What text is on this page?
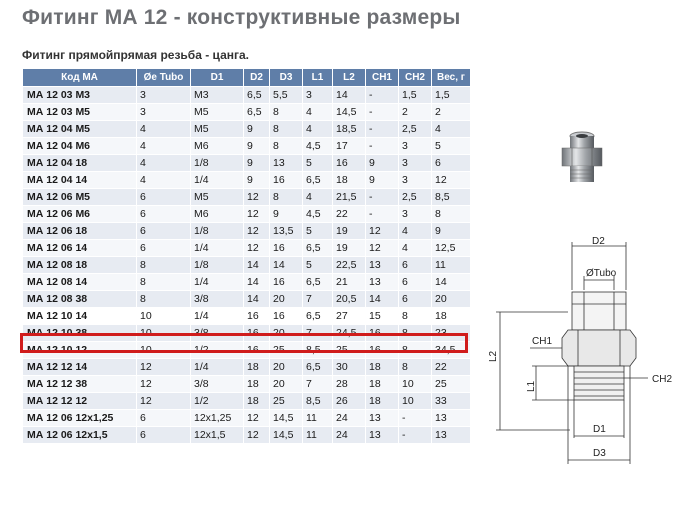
Фитинг МА 12 - конструктивные размеры
Фитинг прямойпрямая резьба - цанга.
Код МА	Øe Tubo	D1	D2	D3	L1	L2	CH1	CH2	Вес, г
МА 12 03 М3	3	M3	6,5	5,5	3	14	-	1,5	1,5
МА 12 03 М5	3	M5	6,5	8	4	14,5	-	2	2
МА 12 04 М5	4	M5	9	8	4	18,5	-	2,5	4
МА 12 04 М6	4	M6	9	8	4,5	17	-	3	5
МА 12 04 18	4	1/8	9	13	5	16	9	3	6
МА 12 04 14	4	1/4	9	16	6,5	18	9	3	12
МА 12 06 М5	6	M5	12	8	4	21,5	-	2,5	8,5
МА 12 06 М6	6	M6	12	9	4,5	22	-	3	8
МА 12 06 18	6	1/8	12	13,5	5	19	12	4	9
МА 12 06 14	6	1/4	12	16	6,5	19	12	4	12,5
МА 12 08 18	8	1/8	14	14	5	22,5	13	6	11
МА 12 08 14	8	1/4	14	16	6,5	21	13	6	14
МА 12 08 38	8	3/8	14	20	7	20,5	14	6	20
МА 12 10 14	10	1/4	16	16	6,5	27	15	8	18
МА 12 10 38	10	3/8	16	20	7	24,5	16	8	23
МА 12 10 12	10	1/2	16	25	8,5	25	16	8	34,5
МА 12 12 14	12	1/4	18	20	6,5	30	18	8	22
МА 12 12 38	12	3/8	18	20	7	28	18	10	25
МА 12 12 12	12	1/2	18	25	8,5	26	18	10	33
МА 12 06 12х1,25	6	12х1,25	12	14,5	11	24	13	-	13
МА 12 06 12х1,5	6	12х1,5	12	14,5	11	24	13	-	13
D2
ØTubo
L2
CH1
L1
CH2
D1
D3
